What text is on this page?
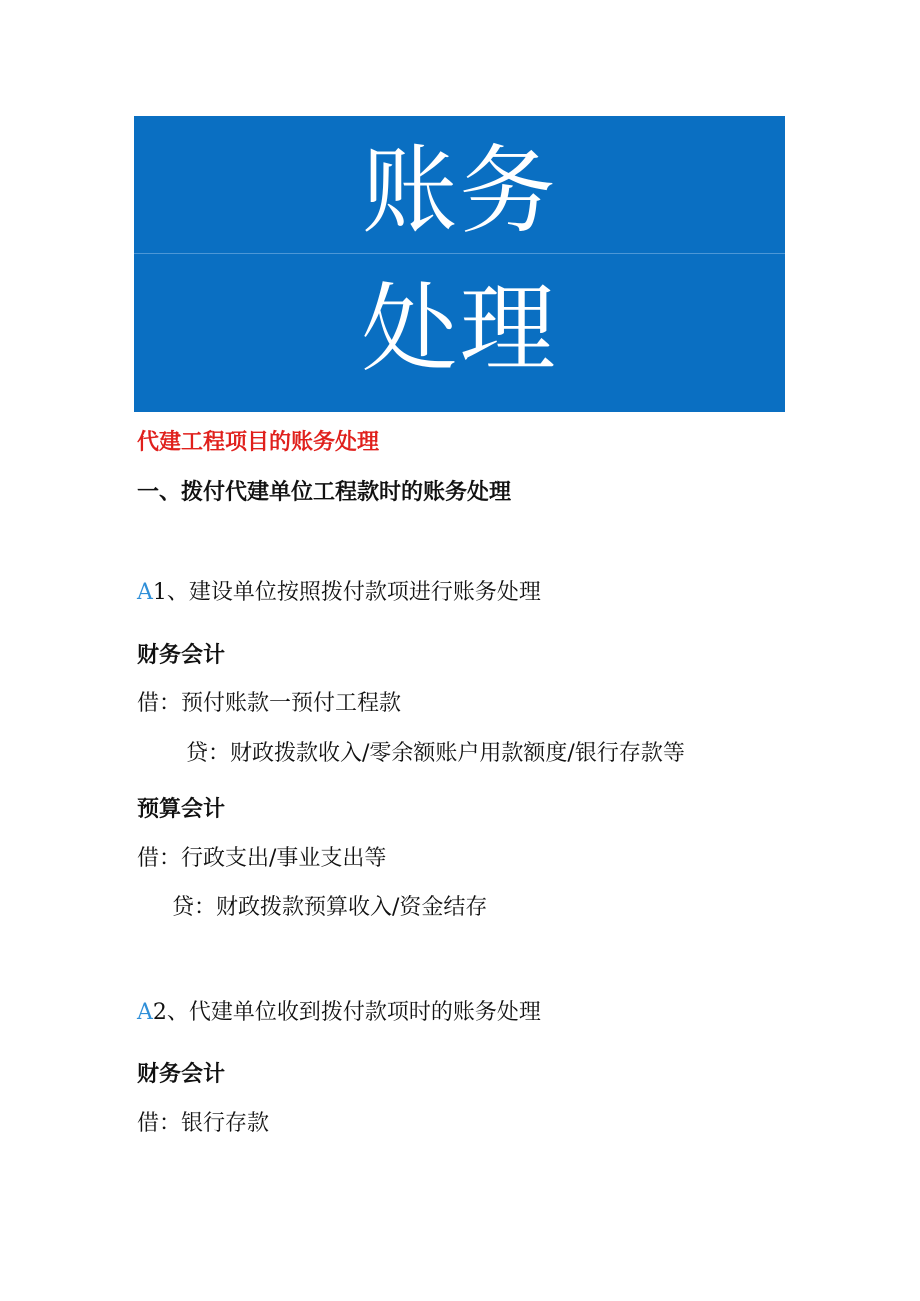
账务
处理
代建工程项目的账务处理
一、拨付代建单位工程款时的账务处理
A1、建设单位按照拨付款项进行账务处理
财务会计
借：预付账款一预付工程款
贷：财政拨款收入/零余额账户用款额度/银行存款等
预算会计
借：行政支出/事业支出等
贷：财政拨款预算收入/资金结存
A2、代建单位收到拨付款项时的账务处理
财务会计
借：银行存款
